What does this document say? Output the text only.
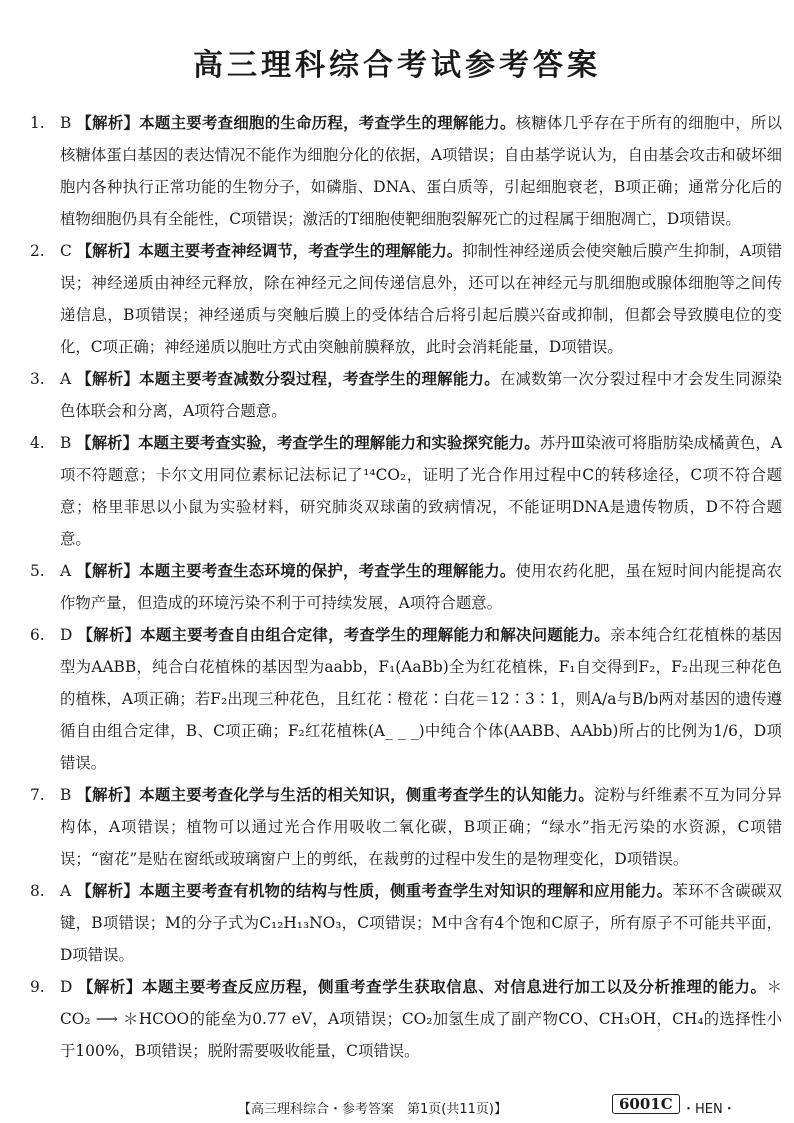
高三理科综合考试参考答案

1. B 【解析】本题主要考查细胞的生命历程，考查学生的理解能力。核糖体几乎存在于所有的细胞中，所以核糖体蛋白基因的表达情况不能作为细胞分化的依据，A项错误；自由基学说认为，自由基会攻击和破坏细胞内各种执行正常功能的生物分子，如磷脂、DNA、蛋白质等，引起细胞衰老，B项正确；通常分化后的植物细胞仍具有全能性，C项错误；激活的T细胞使靶细胞裂解死亡的过程属于细胞凋亡，D项错误。

2. C 【解析】本题主要考查神经调节，考查学生的理解能力。抑制性神经递质会使突触后膜产生抑制，A项错误；神经递质由神经元释放，除在神经元之间传递信息外，还可以在神经元与肌细胞或腺体细胞等之间传递信息，B项错误；神经递质与突触后膜上的受体结合后将引起后膜兴奋或抑制，但都会导致膜电位的变化，C项正确；神经递质以胞吐方式由突触前膜释放，此时会消耗能量，D项错误。

3. A 【解析】本题主要考查减数分裂过程，考查学生的理解能力。在减数第一次分裂过程中才会发生同源染色体联会和分离，A项符合题意。

4. B 【解析】本题主要考查实验，考查学生的理解能力和实验探究能力。苏丹Ⅲ染液可将脂肪染成橘黄色，A项不符题意；卡尔文用同位素标记法标记了¹⁴CO₂，证明了光合作用过程中C的转移途径，C项不符合题意；格里菲思以小鼠为实验材料，研究肺炎双球菌的致病情况，不能证明DNA是遗传物质，D不符合题意。

5. A 【解析】本题主要考查生态环境的保护，考查学生的理解能力。使用农药化肥，虽在短时间内能提高农作物产量，但造成的环境污染不利于可持续发展，A项符合题意。

6. D 【解析】本题主要考查自由组合定律，考查学生的理解能力和解决问题能力。亲本纯合红花植株的基因型为AABB，纯合白花植株的基因型为aabb，F₁(AaBb)全为红花植株，F₁自交得到F₂，F₂出现三种花色的植株，A项正确；若F₂出现三种花色，且红花∶橙花∶白花＝12∶3∶1，则A/a与B/b两对基因的遗传遵循自由组合定律，B、C项正确；F₂红花植株(A_ _ _)中纯合个体(AABB、AAbb)所占的比例为1/6，D项错误。

7. B 【解析】本题主要考查化学与生活的相关知识，侧重考查学生的认知能力。淀粉与纤维素不互为同分异构体，A项错误；植物可以通过光合作用吸收二氧化碳，B项正确；“绿水”指无污染的水资源，C项错误；“窗花”是贴在窗纸或玻璃窗户上的剪纸，在裁剪的过程中发生的是物理变化，D项错误。

8. A 【解析】本题主要考查有机物的结构与性质，侧重考查学生对知识的理解和应用能力。苯环不含碳碳双键，B项错误；M的分子式为C₁₂H₁₃NO₃，C项错误；M中含有4个饱和C原子，所有原子不可能共平面，D项错误。

9. D 【解析】本题主要考查反应历程，侧重考查学生获取信息、对信息进行加工以及分析推理的能力。＊CO₂ ⟶ ＊HCOO的能垒为0.77 eV，A项错误；CO₂加氢生成了副产物CO、CH₃OH，CH₄的选择性小于100%，B项错误；脱附需要吸收能量，C项错误。

【高三理科综合・参考答案　第1页(共11页)】	6001C ・HEN・
